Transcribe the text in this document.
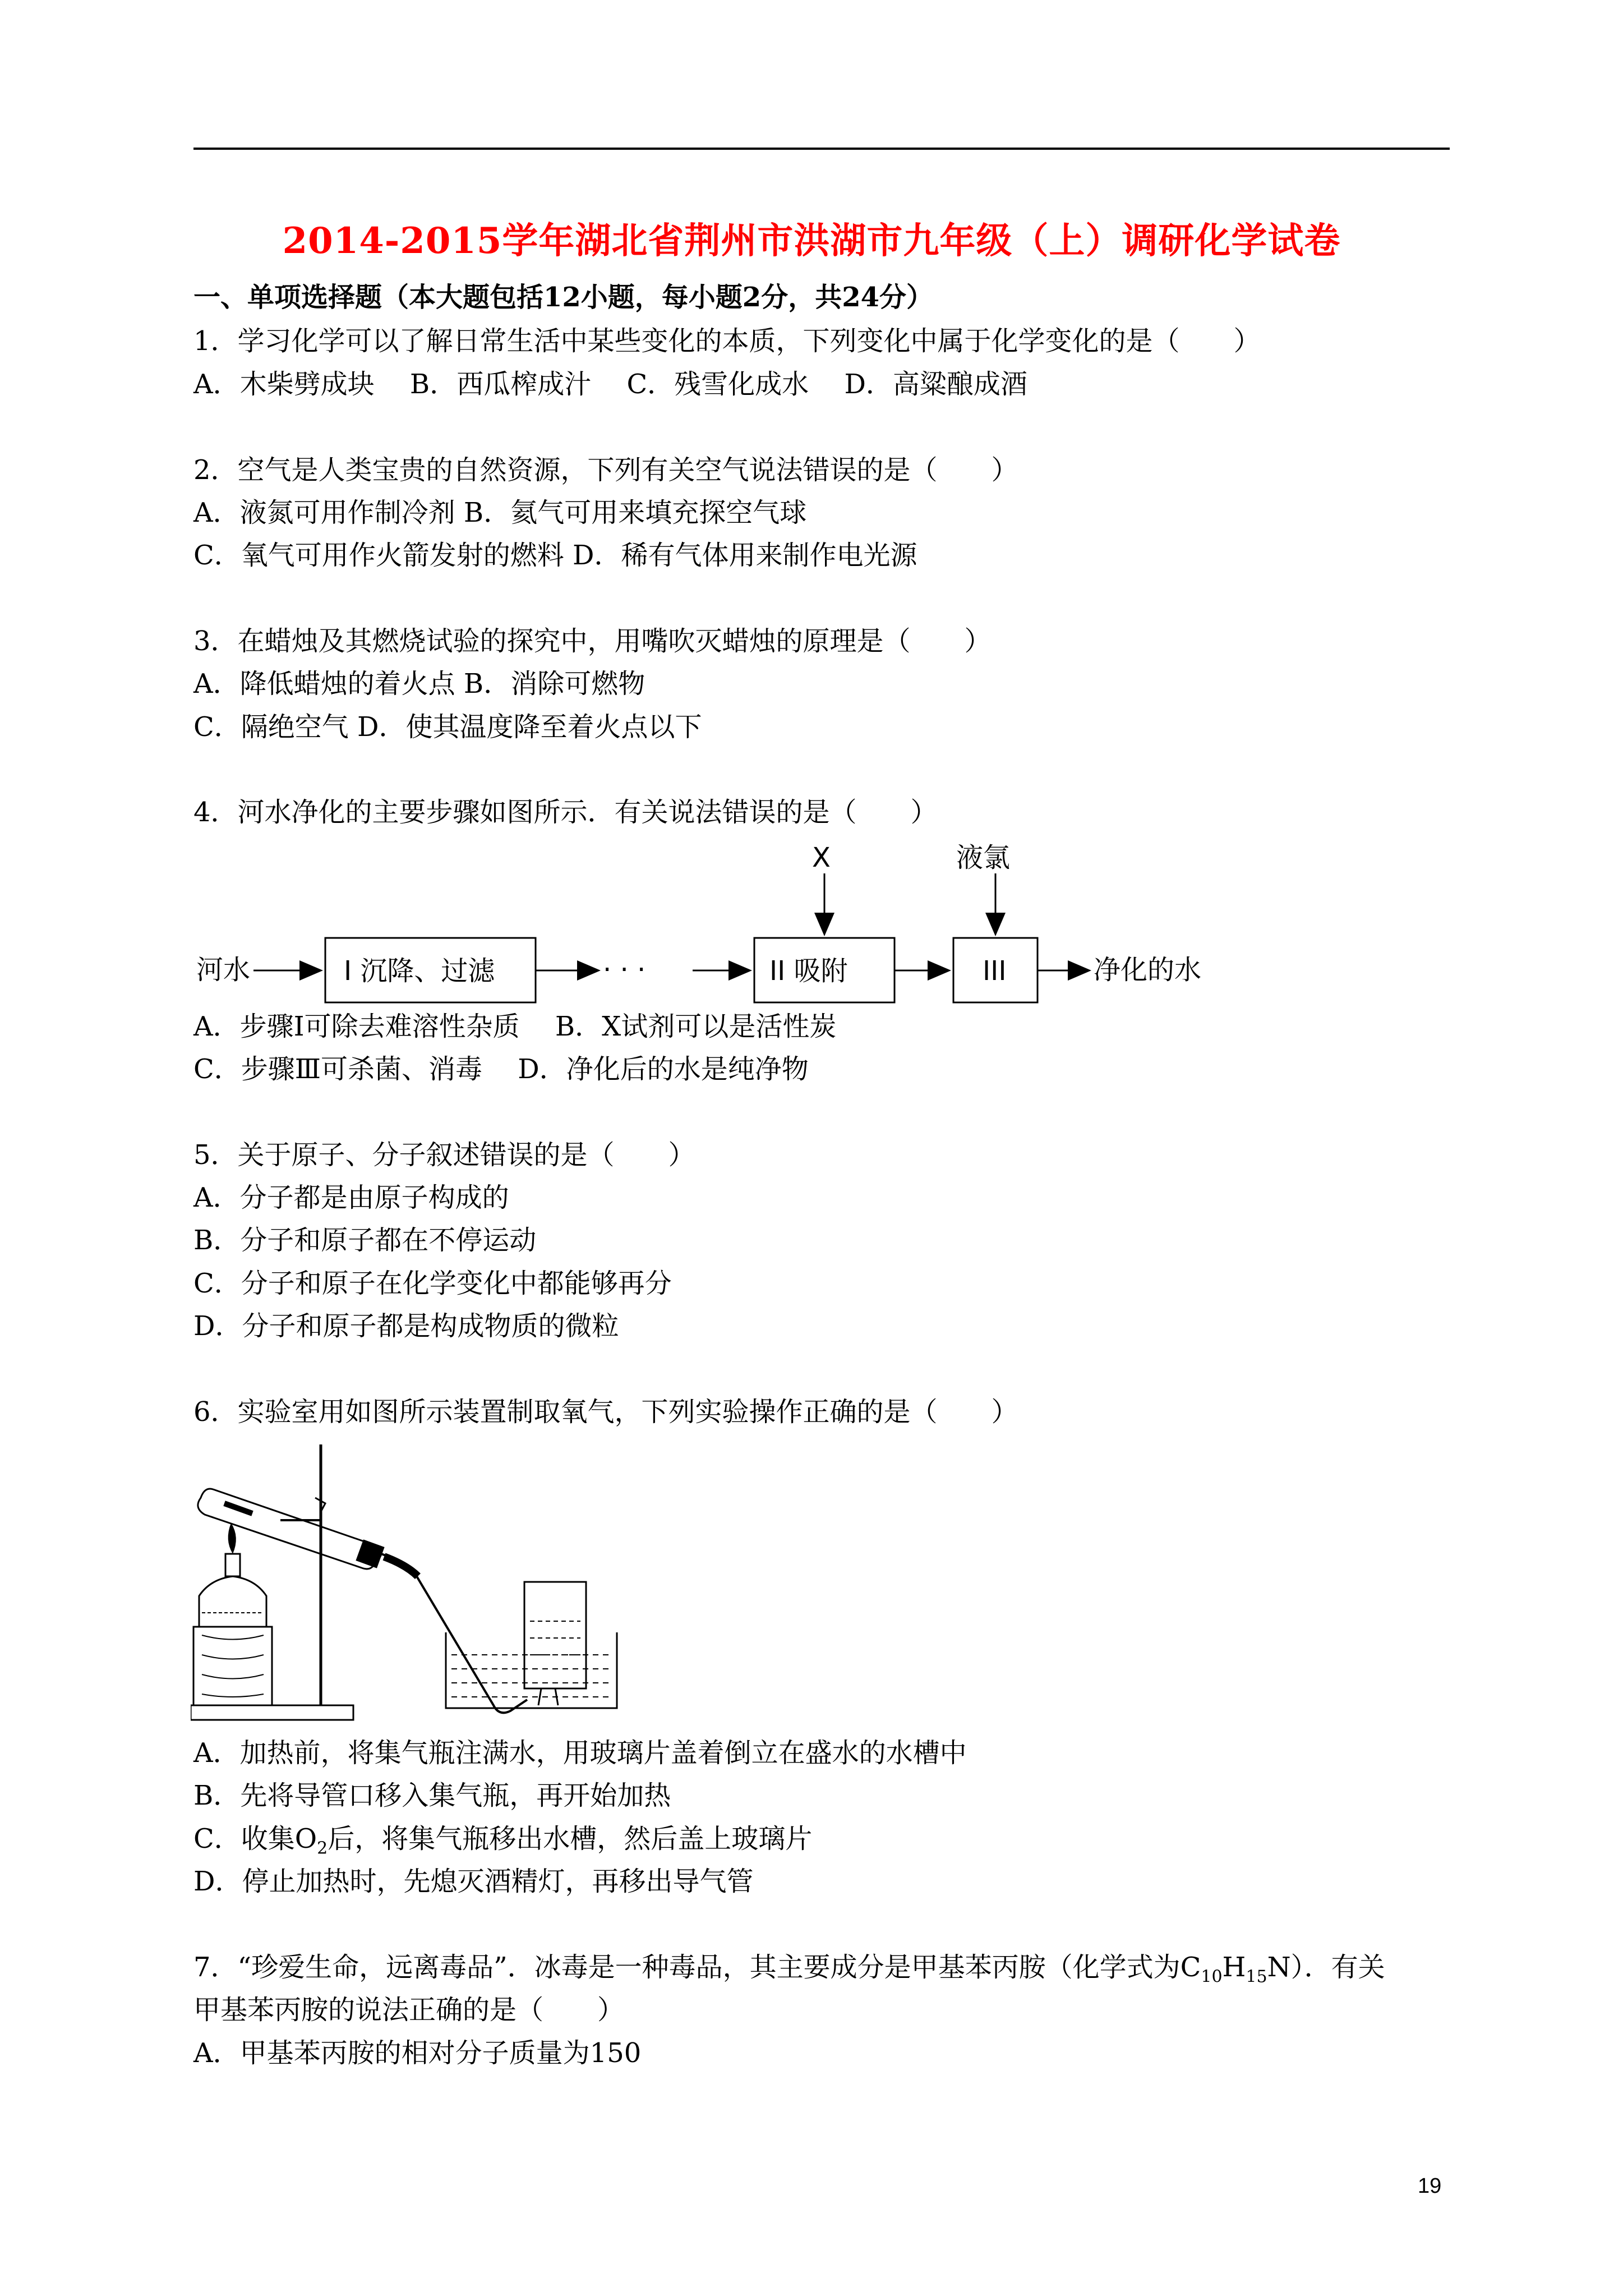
2014-2015学年湖北省荆州市洪湖市九年级（上）调研化学试卷
一、单项选择题（本大题包括12小题，每小题2分，共24分）
1．学习化学可以了解日常生活中某些变化的本质，下列变化中属于化学变化的是（　　）
A．木柴劈成块　 B．西瓜榨成汁　 C．残雪化成水　 D．高粱酿成酒
2．空气是人类宝贵的自然资源，下列有关空气说法错误的是（　　）
A．液氮可用作制冷剂 B．氦气可用来填充探空气球
C．氧气可用作火箭发射的燃料 D．稀有气体用来制作电光源
3．在蜡烛及其燃烧试验的探究中，用嘴吹灭蜡烛的原理是（　　）
A．降低蜡烛的着火点 B．消除可燃物
C．隔绝空气 D．使其温度降至着火点以下
4．河水净化的主要步骤如图所示．有关说法错误的是（　　）
河水	I 沉降、过滤	· · ·	II 吸附
X
III
液氯
净化的水
A．步骤Ⅰ可除去难溶性杂质　 B．X试剂可以是活性炭
C．步骤Ⅲ可杀菌、消毒　 D．净化后的水是纯净物
5．关于原子、分子叙述错误的是（　　）
A．分子都是由原子构成的
B．分子和原子都在不停运动
C．分子和原子在化学变化中都能够再分
D．分子和原子都是构成物质的微粒
6．实验室用如图所示装置制取氧气，下列实验操作正确的是（　　）
A．加热前，将集气瓶注满水，用玻璃片盖着倒立在盛水的水槽中
B．先将导管口移入集气瓶，再开始加热
C．收集$O_2$后，将集气瓶移出水槽，然后盖上玻璃片
D．停止加热时，先熄灭酒精灯，再移出导气管
7．“珍爱生命，远离毒品”．冰毒是一种毒品，其主要成分是甲基苯丙胺（化学式为$C_{10}H_{15}N$）．有关
甲基苯丙胺的说法正确的是（　　）
A．甲基苯丙胺的相对分子质量为150
19
